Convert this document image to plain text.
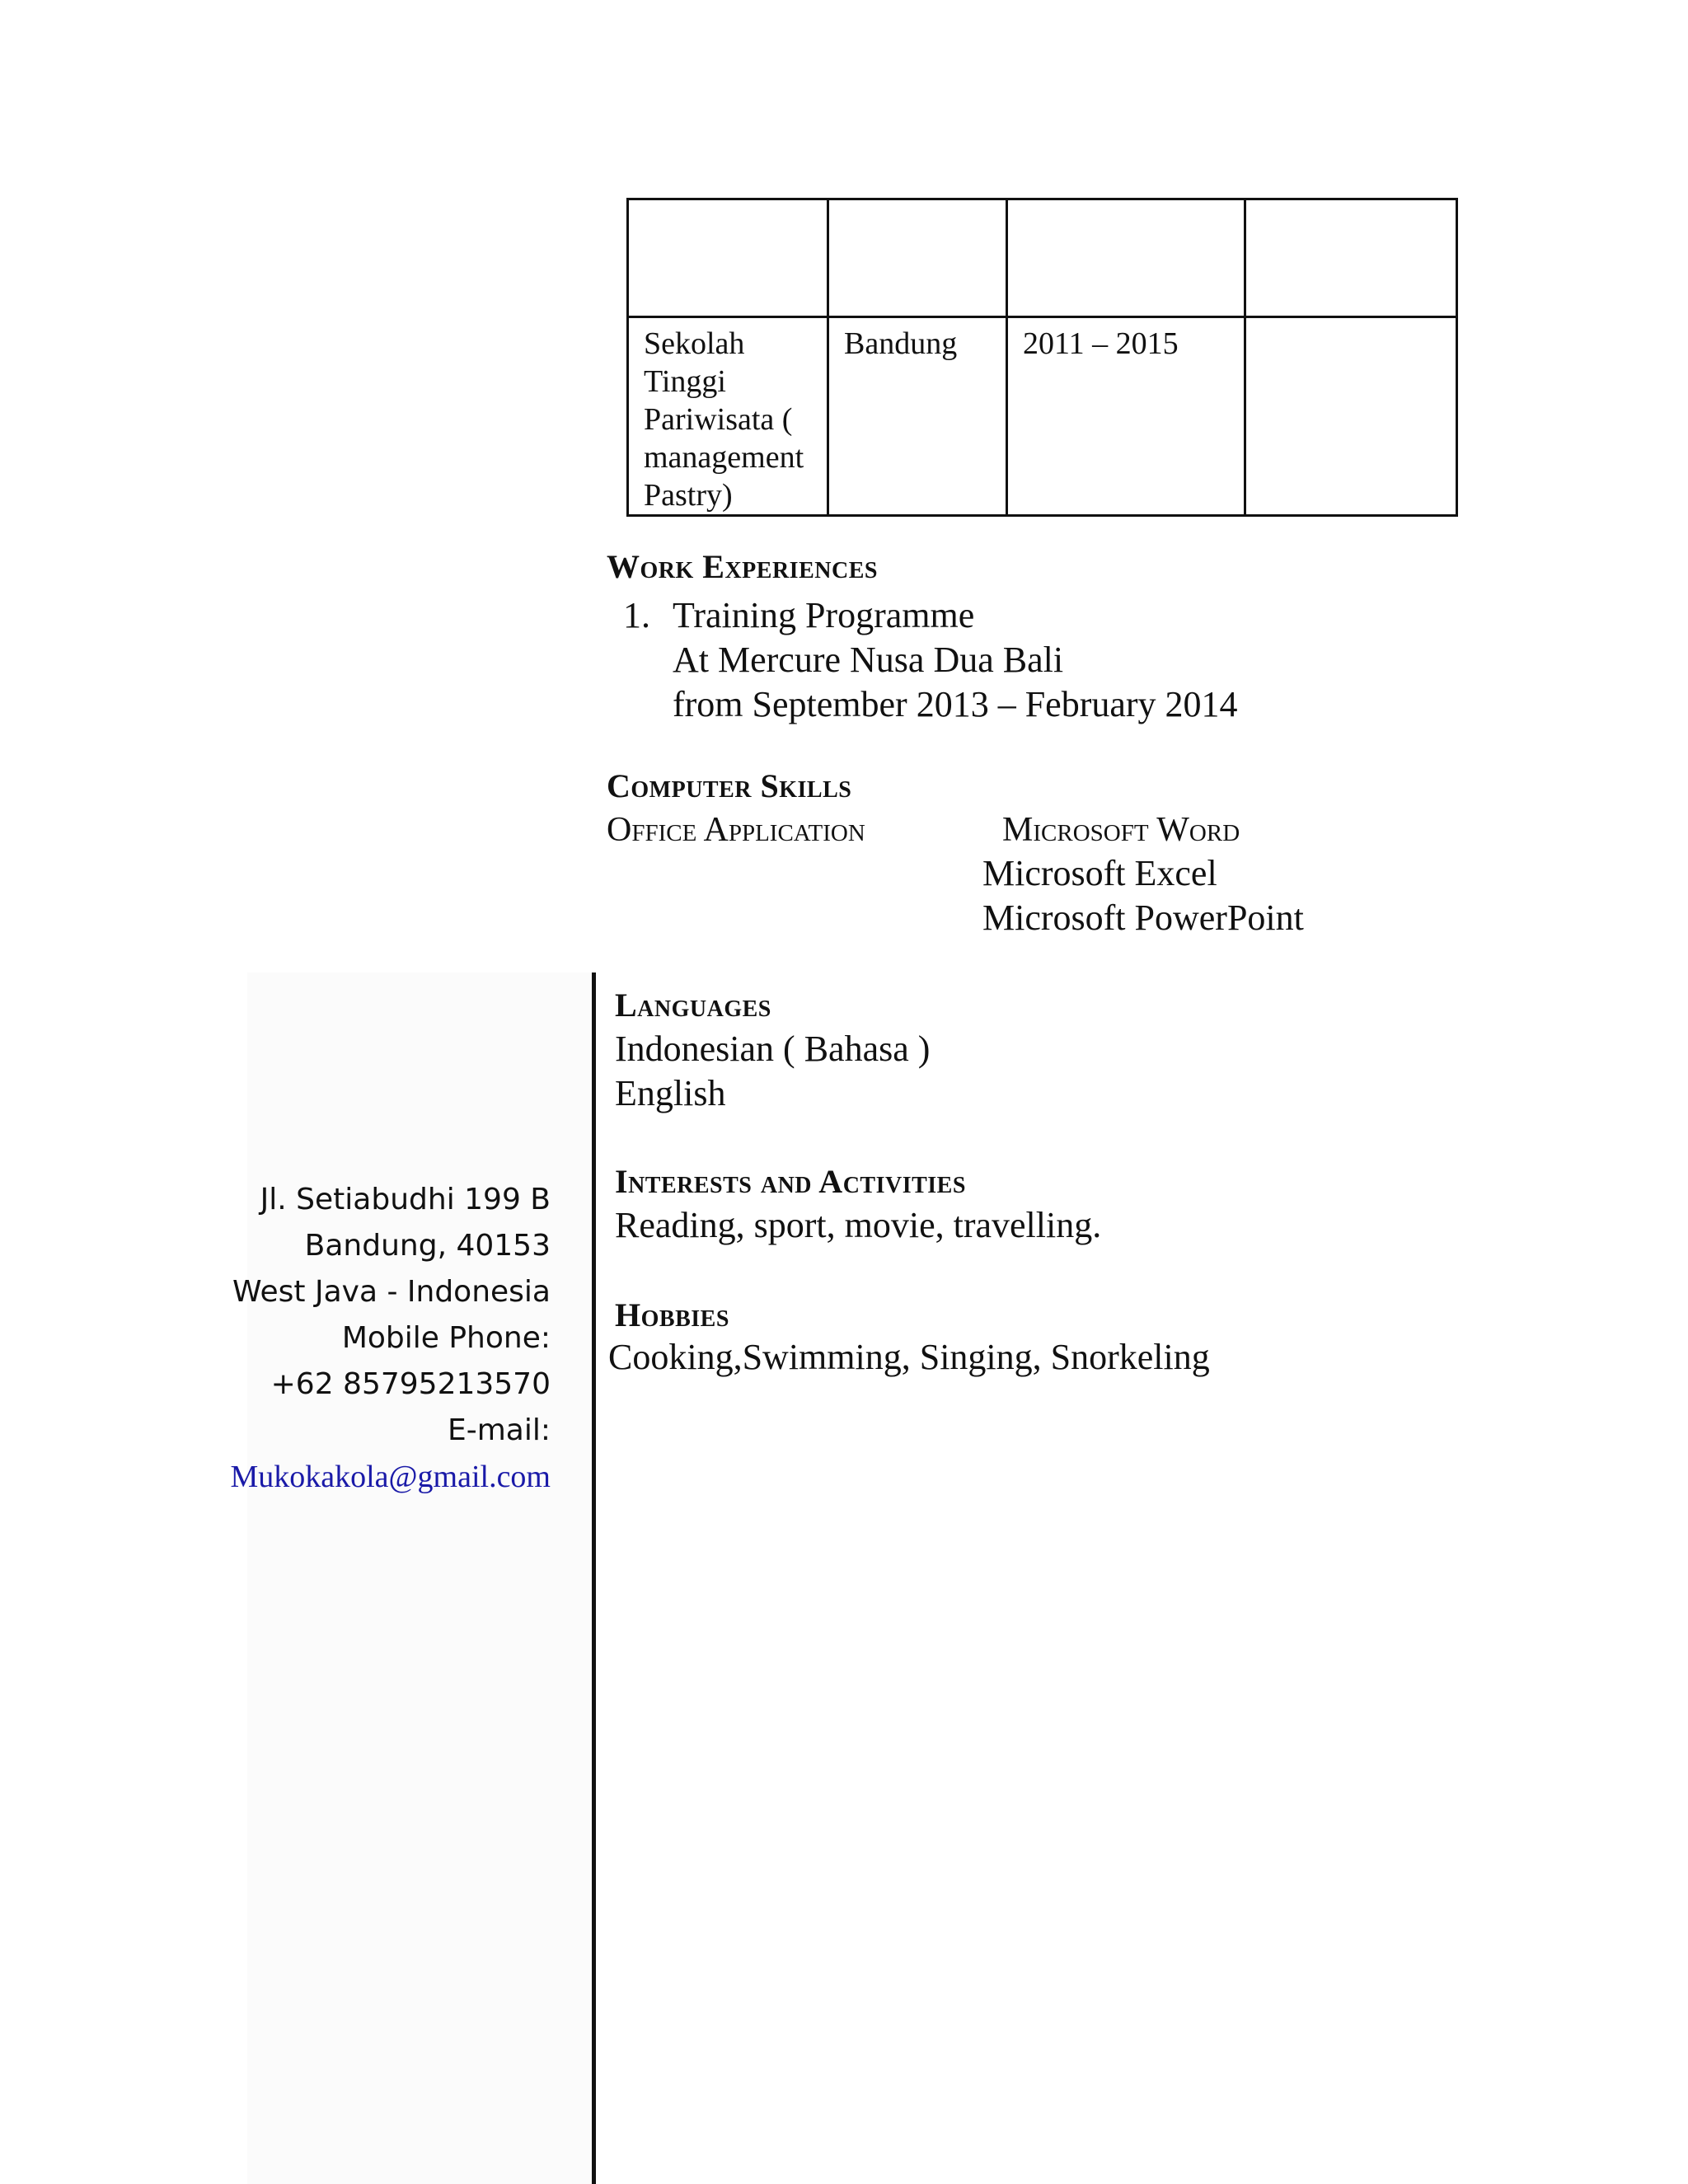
Sekolah Tinggi Pariwisata ( management Pastry)	Bandung	2011 – 2015	

Work Experiences
1. Training Programme
At Mercure Nusa Dua Bali
from September 2013 – February 2014
Computer Skills
Office Application	Microsoft Word
Microsoft Excel
Microsoft PowerPoint
Languages
Indonesian ( Bahasa )
English
Interests and Activities
Reading, sport, movie, travelling.
Hobbies
Cooking,Swimming, Singing, Snorkeling
Jl. Setiabudhi 199 B
Bandung, 40153
West Java - Indonesia
Mobile Phone:
+62 85795213570
E-mail:
Mukokakola@gmail.com
